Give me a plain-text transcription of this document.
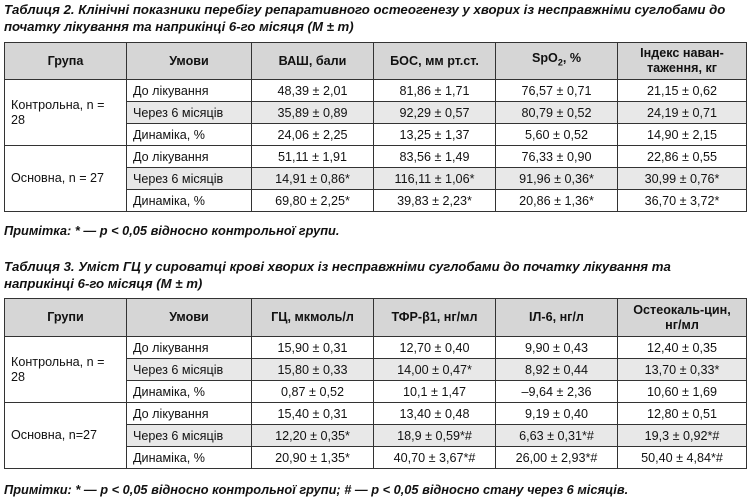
Таблиця 2. Клінічні показники перебігу репаративного остеогенезу у хворих із несправжніми суглобами до початку лікування та наприкінці 6-го місяця (M ± m)

Група	Умови	ВАШ, бали	БОС, мм рт.ст.	SpO$_2$, %	Індекс наван-таження, кг
Контрольна, n = 28	До лікування	48,39 ± 2,01	81,86 ± 1,71	76,57 ± 0,71	21,15 ± 0,62
	Через 6 місяців	35,89 ± 0,89	92,29 ± 0,57	80,79 ± 0,52	24,19 ± 0,71
	Динаміка, %	24,06 ± 2,25	13,25 ± 1,37	5,60 ± 0,52	14,90 ± 2,15
Основна, n = 27	До лікування	51,11 ± 1,91	83,56 ± 1,49	76,33 ± 0,90	22,86 ± 0,55
	Через 6 місяців	14,91 ± 0,86*	116,11 ± 1,06*	91,96 ± 0,36*	30,99 ± 0,76*
	Динаміка, %	69,80 ± 2,25*	39,83 ± 2,23*	20,86 ± 1,36*	36,70 ± 3,72*

Примітка: * — p < 0,05 відносно контрольної групи.

Таблиця 3. Уміст ГЦ у сироватці крові хворих із несправжніми суглобами до початку лікування та наприкінці 6-го місяця (M ± m)

Групи	Умови	ГЦ, мкмоль/л	ТФР-β1, нг/мл	ІЛ-6, нг/л	Остеокаль-цин, нг/мл
Контрольна, n = 28	До лікування	15,90 ± 0,31	12,70 ± 0,40	9,90 ± 0,43	12,40 ± 0,35
	Через 6 місяців	15,80 ± 0,33	14,00 ± 0,47*	8,92 ± 0,44	13,70 ± 0,33*
	Динаміка, %	0,87 ± 0,52	10,1 ± 1,47	–9,64 ± 2,36	10,60 ± 1,69
Основна, n=27	До лікування	15,40 ± 0,31	13,40 ± 0,48	9,19 ± 0,40	12,80 ± 0,51
	Через 6 місяців	12,20 ± 0,35*	18,9 ± 0,59*#	6,63 ± 0,31*#	19,3 ± 0,92*#
	Динаміка, %	20,90 ± 1,35*	40,70 ± 3,67*#	26,00 ± 2,93*#	50,40 ± 4,84*#

Примітки: * — p < 0,05 відносно контрольної групи; # — p < 0,05 відносно стану через 6 місяців.
